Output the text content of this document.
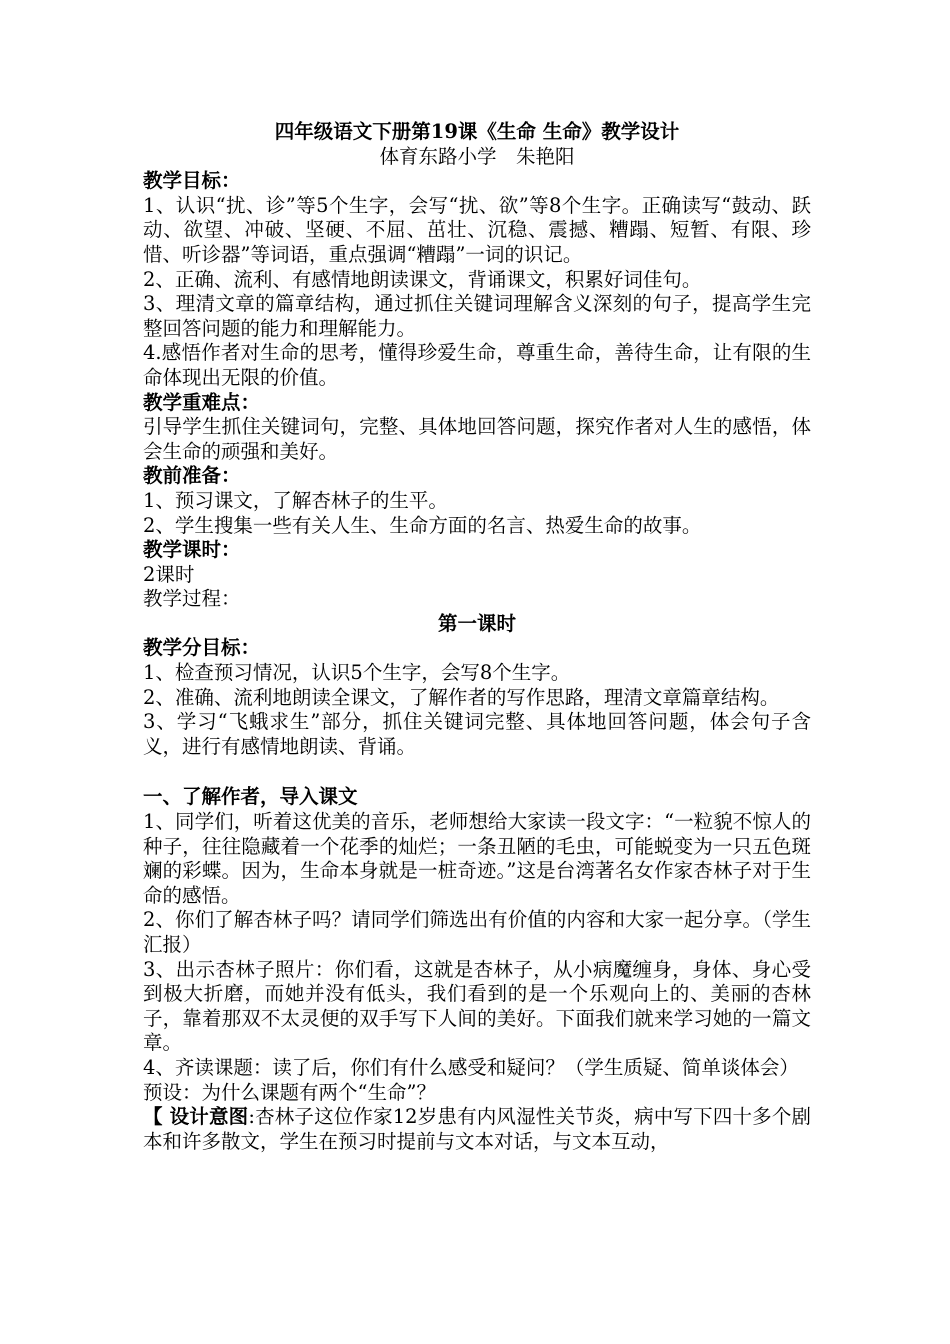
四年级语文下册第19课《生命 生命》教学设计

体育东路小学　朱艳阳

教学目标：

1、认识“扰、诊”等5个生字，会写“扰、欲”等8个生字。正确读写“鼓动、跃动、欲望、冲破、坚硬、不屈、茁壮、沉稳、震撼、糟蹋、短暂、有限、珍惜、听诊器”等词语，重点强调“糟蹋”一词的识记。

2、正确、流利、有感情地朗读课文，背诵课文，积累好词佳句。

3、理清文章的篇章结构，通过抓住关键词理解含义深刻的句子，提高学生完整回答问题的能力和理解能力。

4.感悟作者对生命的思考，懂得珍爱生命，尊重生命，善待生命，让有限的生命体现出无限的价值。

教学重难点：

引导学生抓住关键词句，完整、具体地回答问题，探究作者对人生的感悟，体会生命的顽强和美好。

教前准备：

1、预习课文，了解杏林子的生平。

2、学生搜集一些有关人生、生命方面的名言、热爱生命的故事。

教学课时：

2课时

教学过程：

第一课时

教学分目标：

1、检查预习情况，认识5个生字，会写8个生字。

2、准确、流利地朗读全课文，了解作者的写作思路，理清文章篇章结构。

3、学习“飞蛾求生”部分，抓住关键词完整、具体地回答问题，体会句子含义，进行有感情地朗读、背诵。

一、了解作者，导入课文

1、同学们，听着这优美的音乐，老师想给大家读一段文字：“一粒貌不惊人的种子，往往隐藏着一个花季的灿烂；一条丑陋的毛虫，可能蜕变为一只五色斑斓的彩蝶。因为，生命本身就是一桩奇迹。”这是台湾著名女作家杏林子对于生命的感悟。

2、你们了解杏林子吗？请同学们筛选出有价值的内容和大家一起分享。（学生汇报）

3、出示杏林子照片：你们看，这就是杏林子，从小病魔缠身，身体、身心受到极大折磨，而她并没有低头，我们看到的是一个乐观向上的、美丽的杏林子，靠着那双不太灵便的双手写下人间的美好。下面我们就来学习她的一篇文章。

4、齐读课题：读了后，你们有什么感受和疑问？（学生质疑、简单谈体会）

预设：为什么课题有两个“生命”？

【 设计意图:杏林子这位作家12岁患有内风湿性关节炎，病中写下四十多个剧本和许多散文，学生在预习时提前与文本对话，与文本互动，
